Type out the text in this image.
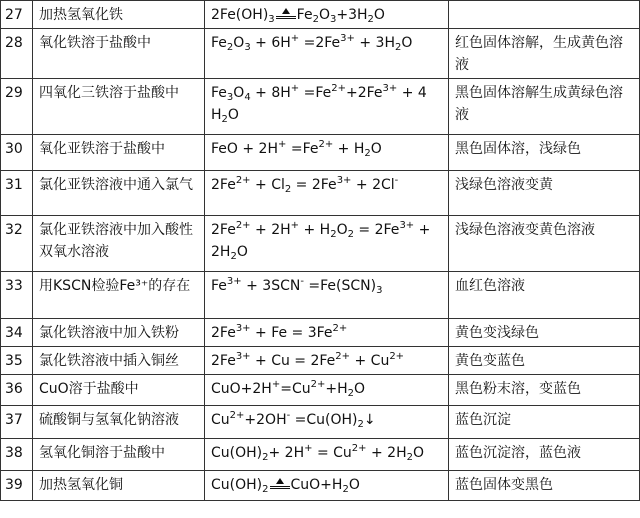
27	加热氢氧化铁	$2Fe(OH)_3$ $Fe_2O_3+3H_2O$	
28	氧化铁溶于盐酸中	$Fe_2O_3 + 6H^+ =2Fe^{3+} + 3H_2O$	红色固体溶解，生成黄色溶液
29	四氧化三铁溶于盐酸中	$Fe_3O_4 + 8H^+ =Fe^{2+}+2Fe^{3+} + 4$ $H_2O$	黑色固体溶解生成黄绿色溶液
30	氧化亚铁溶于盐酸中	FeO + $2H^+ =Fe^{2+} + H_2O$	黑色固体溶，浅绿色
31	氯化亚铁溶液中通入氯气	$2Fe^{2+} + Cl_2 = 2Fe^{3+} + 2Cl^-$	浅绿色溶液变黄
32	氯化亚铁溶液中加入酸性双氧水溶液	$2Fe^{2+} + 2H^+ + H_2O_2 = 2Fe^{3+} + 2H_2O$	浅绿色溶液变黄色溶液
33	用KSCN检验Fe³⁺的存在	$Fe^{3+} + 3SCN^- =Fe(SCN)_3$	血红色溶液
34	氯化铁溶液中加入铁粉	$2Fe^{3+} + Fe = 3Fe^{2+}$	黄色变浅绿色
35	氯化铁溶液中插入铜丝	$2Fe^{3+} + Cu = 2Fe^{2+} + Cu^{2+}$	黄色变蓝色
36	CuO溶于盐酸中	$CuO+2H^+=Cu^{2+}+H_2O$	黑色粉末溶，变蓝色
37	硫酸铜与氢氧化钠溶液	$Cu^{2+}+2OH^-$ $=Cu(OH)_2↓$	蓝色沉淀
38	氢氧化铜溶于盐酸中	$Cu(OH)_2+ 2H^+ = Cu^{2+} + 2H_2O$	蓝色沉淀溶，蓝色液
39	加热氢氧化铜	$Cu(OH)_2$ $CuO+H_2O$	蓝色固体变黑色
